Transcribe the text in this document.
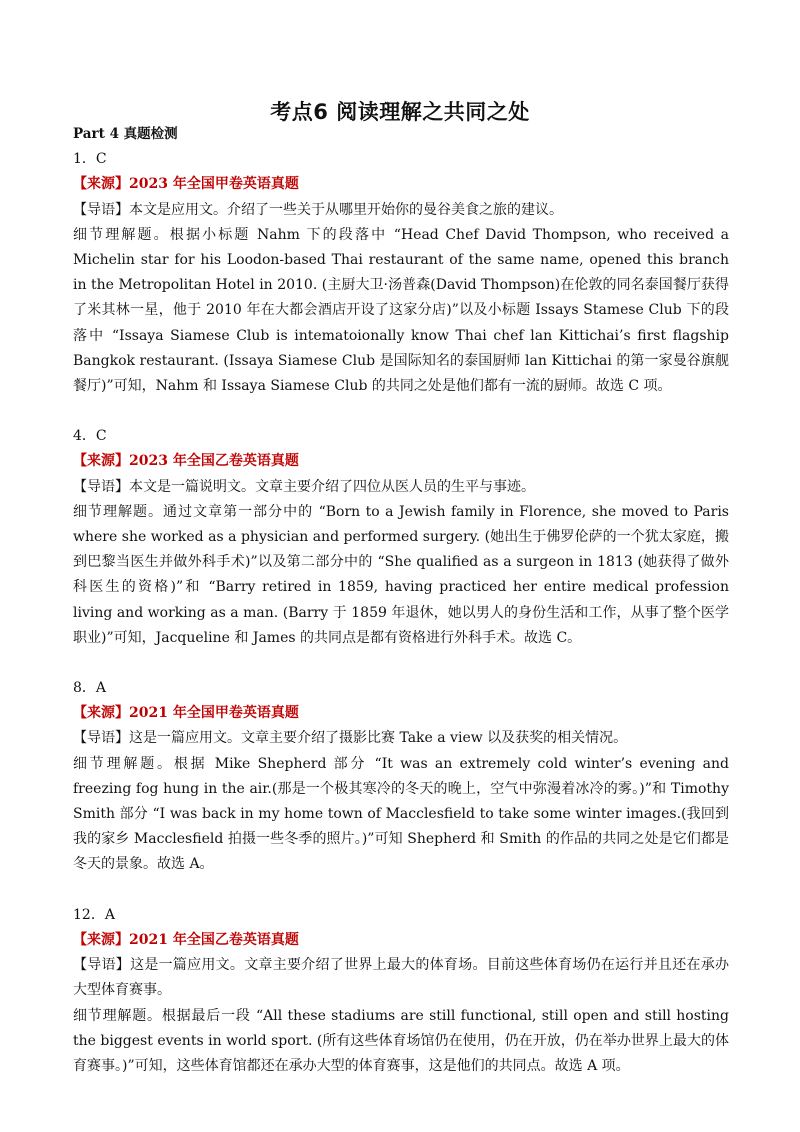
考点6 阅读理解之共同之处
Part 4 真题检测
1．C
【来源】2023 年全国甲卷英语真题
【导语】本文是应用文。介绍了一些关于从哪里开始你的曼谷美食之旅的建议。
细节理解题。根据小标题 Nahm 下的段落中 “Head Chef David Thompson, who received a Michelin star for his Loodon-based Thai restaurant of the same name, opened this branch in the Metropolitan Hotel in 2010. (主厨大卫·汤普森(David Thompson)在伦敦的同名泰国餐厅获得了米其林一星，他于 2010 年在大都会酒店开设了这家分店)”以及小标题 Issays Stamese Club 下的段落中 “Issaya Siamese Club is intematoionally know Thai chef lan Kittichai’s first flagship Bangkok restaurant. (Issaya Siamese Club 是国际知名的泰国厨师 lan Kittichai 的第一家曼谷旗舰餐厅)”可知，Nahm 和 Issaya Siamese Club 的共同之处是他们都有一流的厨师。故选 C 项。
4．C
【来源】2023 年全国乙卷英语真题
【导语】本文是一篇说明文。文章主要介绍了四位从医人员的生平与事迹。
细节理解题。通过文章第一部分中的 “Born to a Jewish family in Florence, she moved to Paris where she worked as a physician and performed surgery. (她出生于佛罗伦萨的一个犹太家庭，搬到巴黎当医生并做外科手术)”以及第二部分中的 “She qualified as a surgeon in 1813 (她获得了做外科医生的资格)”和 “Barry retired in 1859, having practiced her entire medical profession living and working as a man. (Barry 于 1859 年退休，她以男人的身份生活和工作，从事了整个医学职业)”可知，Jacqueline 和 James 的共同点是都有资格进行外科手术。故选 C。
8．A
【来源】2021 年全国甲卷英语真题
【导语】这是一篇应用文。文章主要介绍了摄影比赛 Take a view 以及获奖的相关情况。
细节理解题。根据 Mike Shepherd 部分 “It was an extremely cold winter’s evening and freezing fog hung in the air.(那是一个极其寒冷的冬天的晚上，空气中弥漫着冰冷的雾。)”和 Timothy Smith 部分 “I was back in my home town of Macclesfield to take some winter images.(我回到我的家乡 Macclesfield 拍摄一些冬季的照片。)”可知 Shepherd 和 Smith 的作品的共同之处是它们都是冬天的景象。故选 A。
12．A
【来源】2021 年全国乙卷英语真题
【导语】这是一篇应用文。文章主要介绍了世界上最大的体育场。目前这些体育场仍在运行并且还在承办大型体育赛事。
细节理解题。根据最后一段 “All these stadiums are still functional, still open and still hosting the biggest events in world sport. (所有这些体育场馆仍在使用，仍在开放，仍在举办世界上最大的体育赛事。)”可知，这些体育馆都还在承办大型的体育赛事，这是他们的共同点。故选 A 项。
